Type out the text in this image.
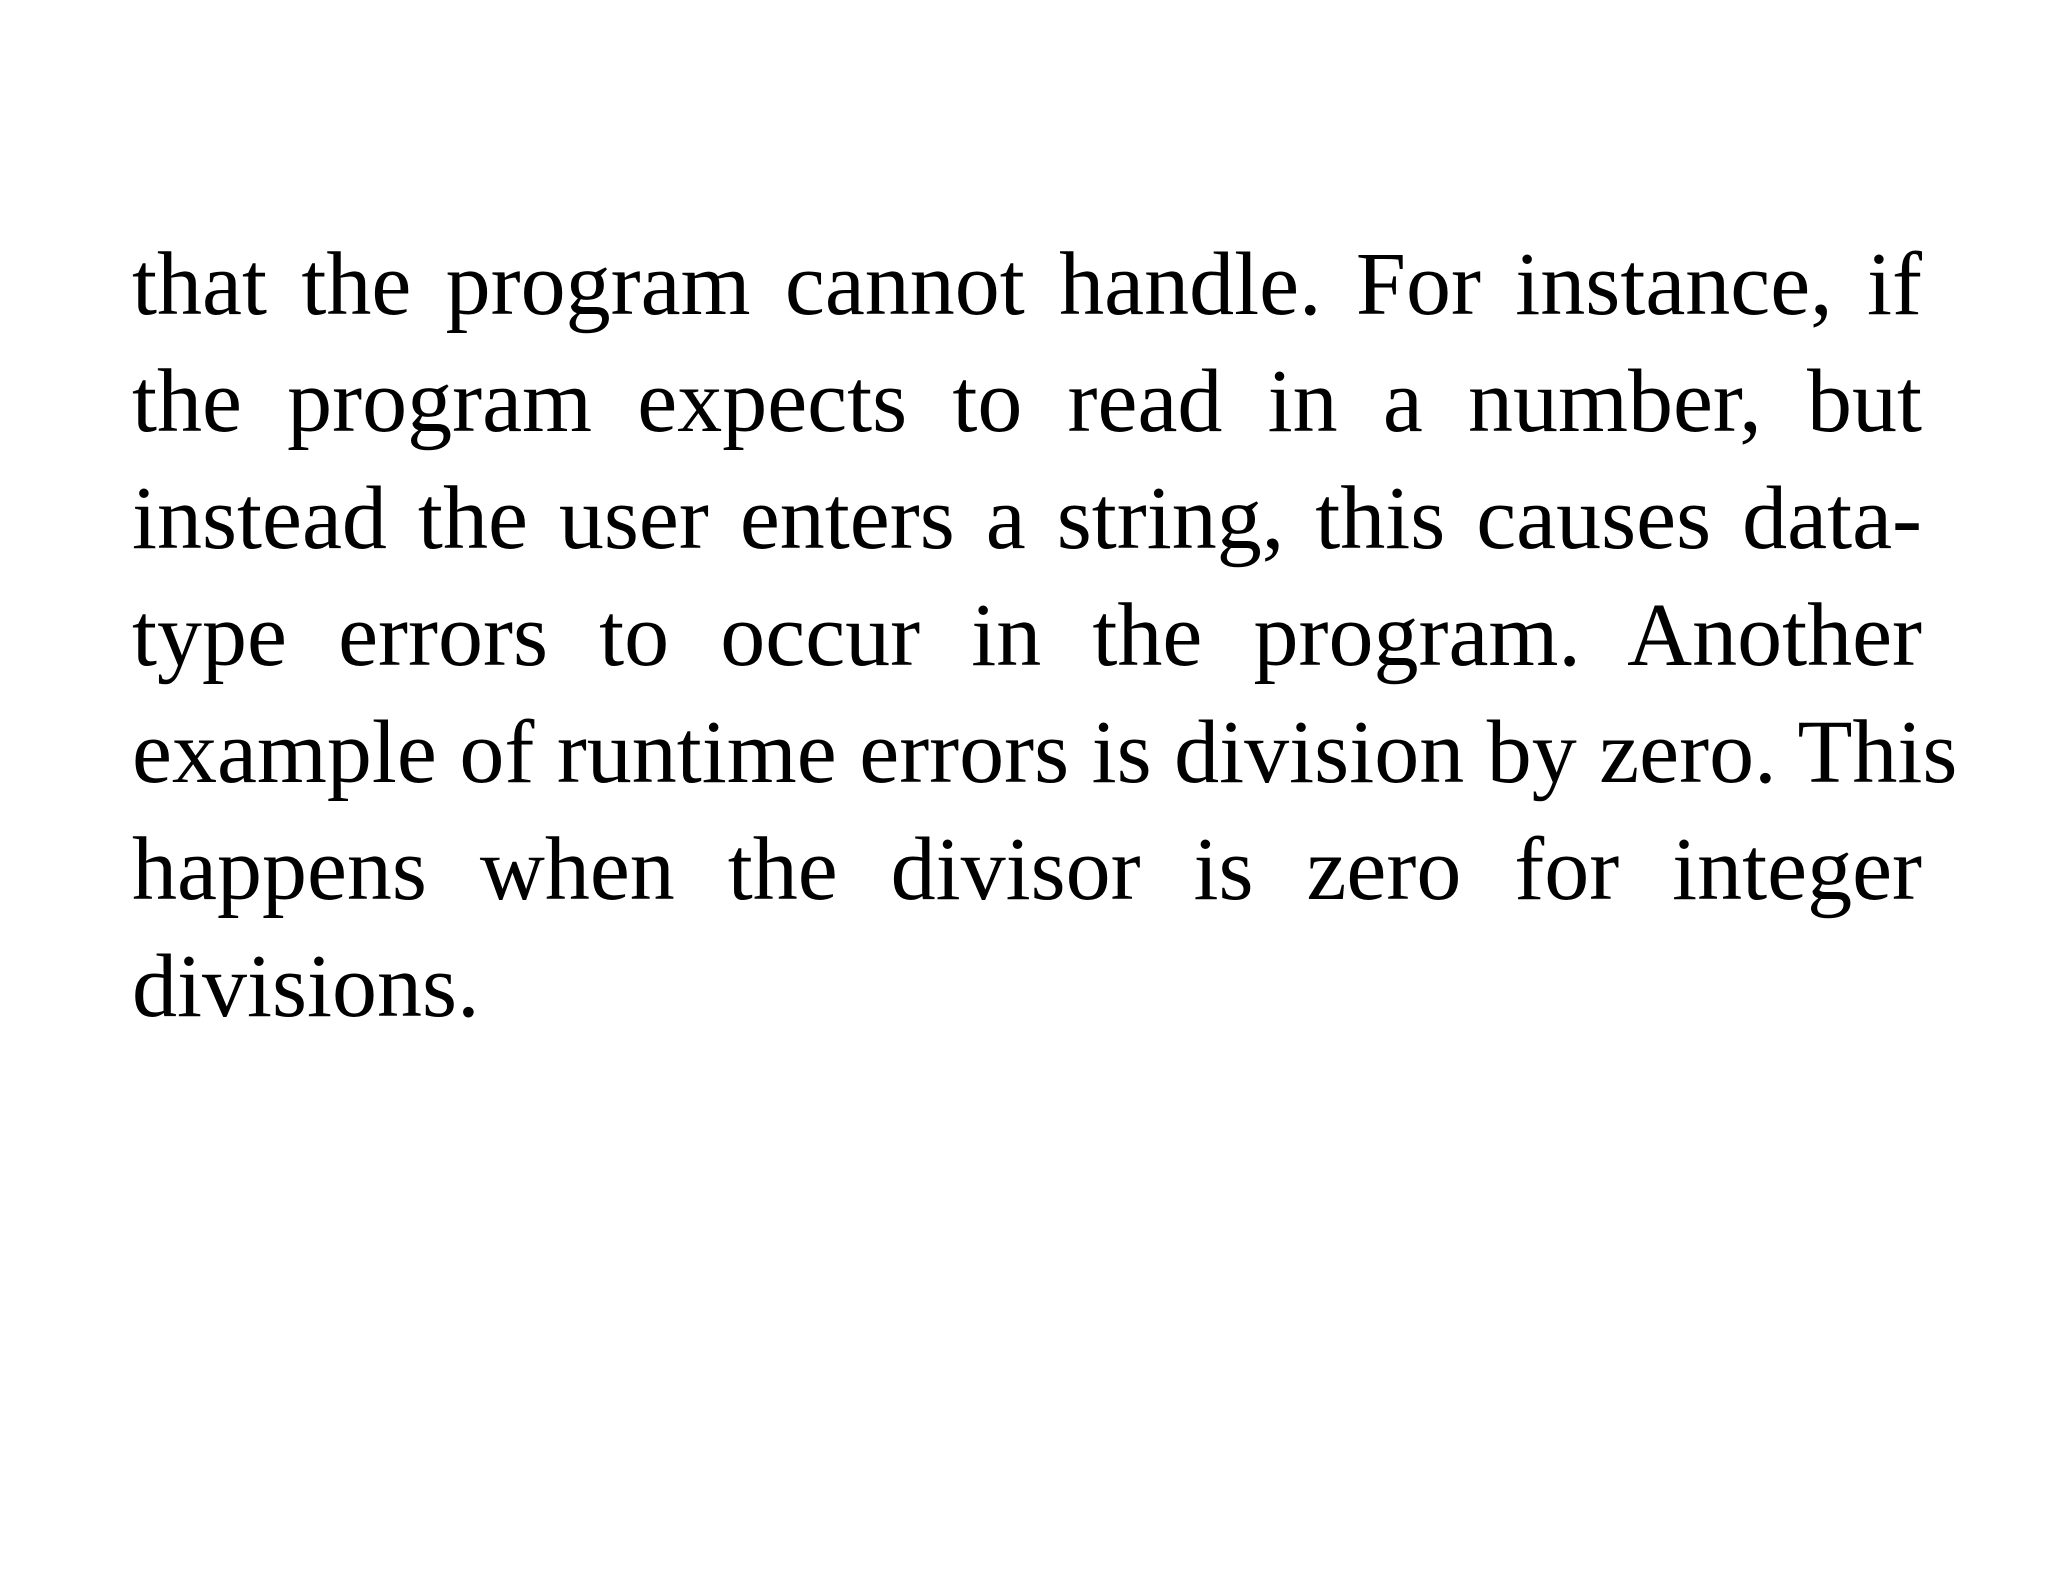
that the program cannot handle. For instance, if
the program expects to read in a number, but
instead the user enters a string, this causes data-
type errors to occur in the program. Another
example of runtime errors is division by zero. This
happens when the divisor is zero for integer
divisions.
